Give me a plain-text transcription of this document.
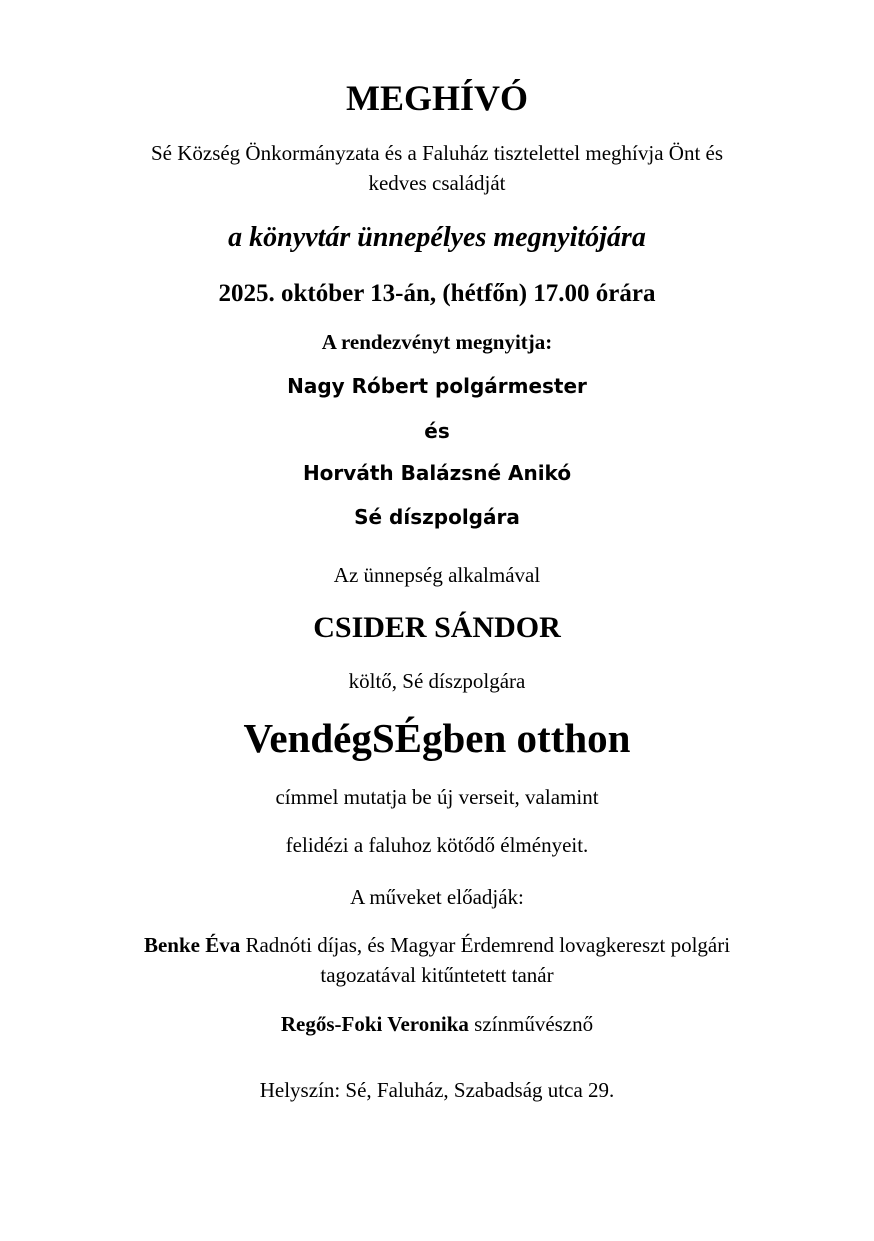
MEGHÍVÓ
Sé Község Önkormányzata és a Faluház tisztelettel meghívja Önt és
kedves családját
a könyvtár ünnepélyes megnyitójára
2025. október 13-án, (hétfőn) 17.00 órára
A rendezvényt megnyitja:
Nagy Róbert polgármester
és
Horváth Balázsné Anikó
Sé díszpolgára
Az ünnepség alkalmával
CSIDER SÁNDOR
költő, Sé díszpolgára
VendégSÉgben otthon
címmel mutatja be új verseit, valamint
felidézi a faluhoz kötődő élményeit.
A műveket előadják:
Benke Éva Radnóti díjas, és Magyar Érdemrend lovagkereszt polgári
tagozatával kitűntetett tanár
Regős-Foki Veronika színművésznő
Helyszín: Sé, Faluház, Szabadság utca 29.
